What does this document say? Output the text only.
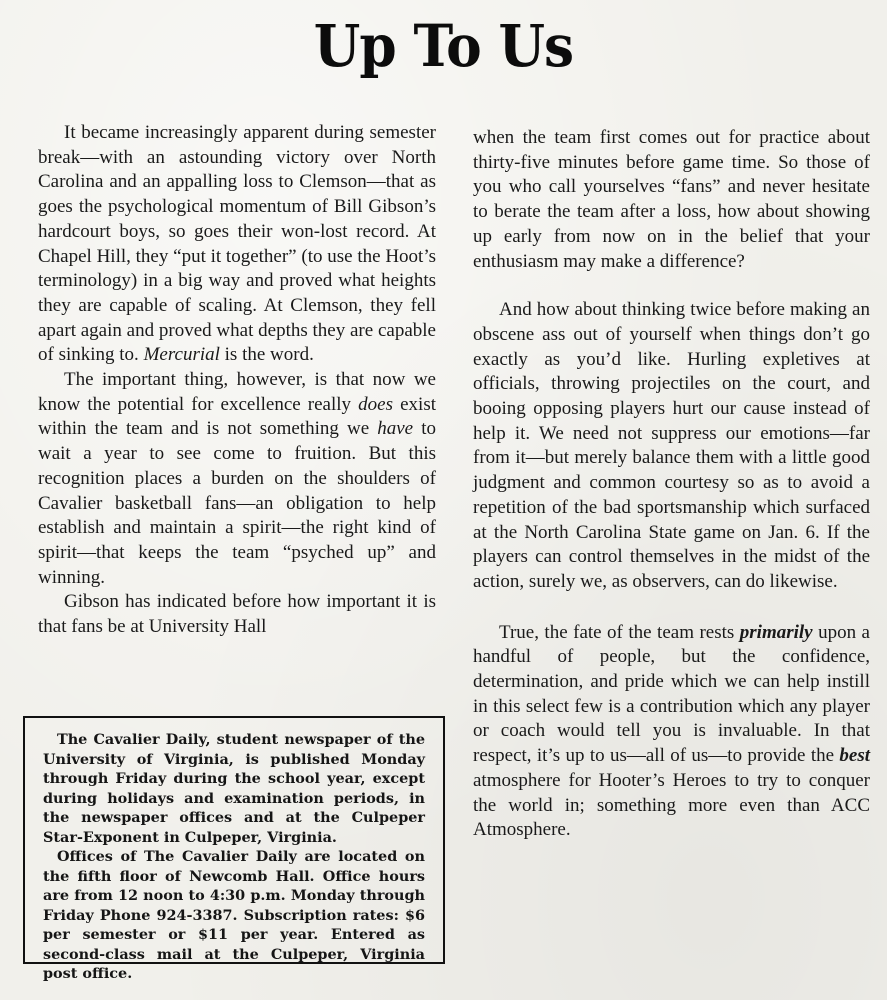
Up To Us

It became increasingly apparent during semester break—with an astounding victory over North Carolina and an appalling loss to Clemson—that as goes the psychological momentum of Bill Gibson’s hardcourt boys, so goes their won-lost record. At Chapel Hill, they “put it together” (to use the Hoot’s terminology) in a big way and proved what heights they are capable of scaling. At Clemson, they fell apart again and proved what depths they are capable of sinking to. Mercurial is the word.

The important thing, however, is that now we know the potential for excellence really does exist within the team and is not something we have to wait a year to see come to fruition. But this recognition places a burden on the shoulders of Cavalier basketball fans—an obligation to help establish and maintain a spirit—the right kind of spirit—that keeps the team “psyched up” and winning.

Gibson has indicated before how important it is that fans be at University Hall

when the team first comes out for practice about thirty-five minutes before game time. So those of you who call yourselves “fans” and never hesitate to berate the team after a loss, how about showing up early from now on in the belief that your enthusiasm may make a difference?

And how about thinking twice before making an obscene ass out of yourself when things don’t go exactly as you’d like. Hurling expletives at officials, throwing projectiles on the court, and booing opposing players hurt our cause instead of help it. We need not suppress our emotions—far from it—but merely balance them with a little good judgment and common courtesy so as to avoid a repetition of the bad sportsmanship which surfaced at the North Carolina State game on Jan. 6. If the players can control themselves in the midst of the action, surely we, as observers, can do likewise.

True, the fate of the team rests primarily upon a handful of people, but the confidence, determination, and pride which we can help instill in this select few is a contribution which any player or coach would tell you is invaluable. In that respect, it’s up to us—all of us—to provide the best atmosphere for Hooter’s Heroes to try to conquer the world in; something more even than ACC Atmosphere.

The Cavalier Daily, student newspaper of the University of Virginia, is published Monday through Friday during the school year, except during holidays and examination periods, in the newspaper offices and at the Culpeper Star-Exponent in Culpeper, Virginia.

Offices of The Cavalier Daily are located on the fifth floor of Newcomb Hall. Office hours are from 12 noon to 4:30 p.m. Monday through Friday Phone 924-3387. Subscription rates: $6 per semester or $11 per year. Entered as second-class mail at the Culpeper, Virginia post office.
